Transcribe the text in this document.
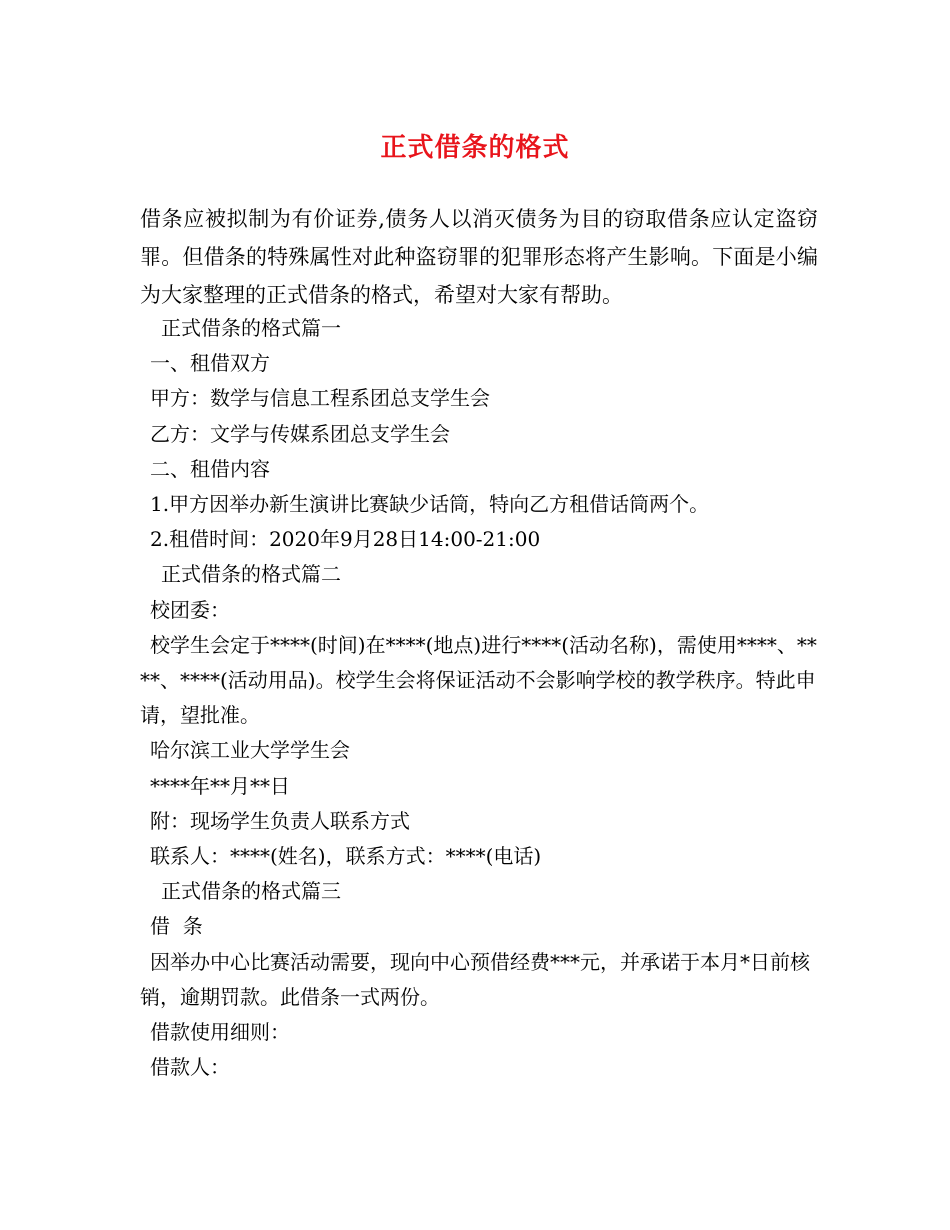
正式借条的格式
借条应被拟制为有价证券,债务人以消灭债务为目的窃取借条应认定盗窃罪。但借条的特殊属性对此种盗窃罪的犯罪形态将产生影响。下面是小编为大家整理的正式借条的格式，希望对大家有帮助。
正式借条的格式篇一
一、租借双方
甲方：数学与信息工程系团总支学生会
乙方：文学与传媒系团总支学生会
二、租借内容
1.甲方因举办新生演讲比赛缺少话筒，特向乙方租借话筒两个。
2.租借时间：2020年9月28日14:00-21:00
正式借条的格式篇二
校团委：
校学生会定于****(时间)在****(地点)进行****(活动名称)，需使用****、****、****(活动用品)。校学生会将保证活动不会影响学校的教学秩序。特此申请，望批准。
哈尔滨工业大学学生会
****年**月**日
附：现场学生负责人联系方式
联系人：****(姓名)，联系方式：****(电话)
正式借条的格式篇三
借  条
因举办中心比赛活动需要，现向中心预借经费***元，并承诺于本月*日前核销，逾期罚款。此借条一式两份。
借款使用细则：
借款人：
